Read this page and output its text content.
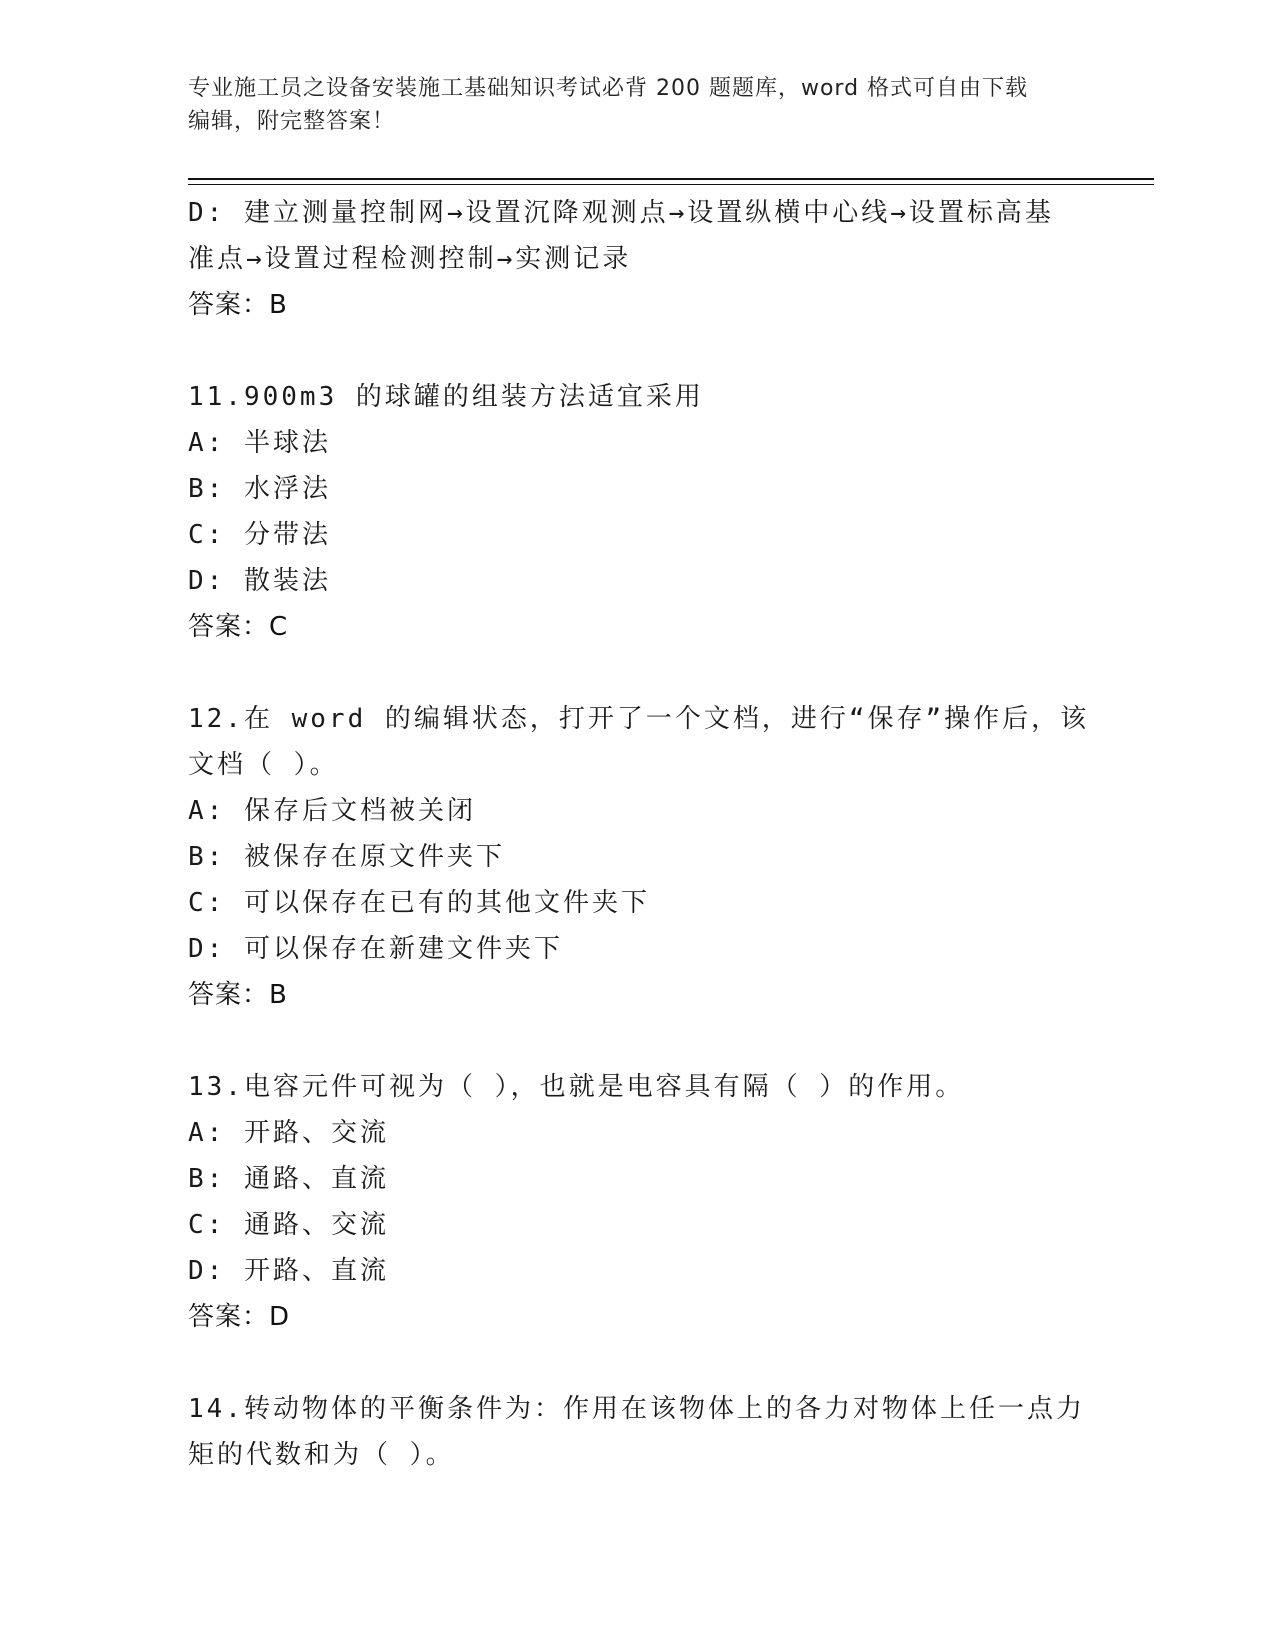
专业施工员之设备安装施工基础知识考试必背 200 题题库，word 格式可自由下载
编辑，附完整答案！
D: 建立测量控制网→设置沉降观测点→设置纵横中心线→设置标高基
准点→设置过程检测控制→实测记录
答案：B
11.900m3 的球罐的组装方法适宜采用
A: 半球法
B: 水浮法
C: 分带法
D: 散装法
答案：C
12.在 word 的编辑状态，打开了一个文档，进行“保存”操作后，该
文档（ ）。
A: 保存后文档被关闭
B: 被保存在原文件夹下
C: 可以保存在已有的其他文件夹下
D: 可以保存在新建文件夹下
答案：B
13.电容元件可视为（ ），也就是电容具有隔（ ）的作用。
A: 开路、交流
B: 通路、直流
C: 通路、交流
D: 开路、直流
答案：D
14.转动物体的平衡条件为：作用在该物体上的各力对物体上任一点力
矩的代数和为（ ）。
